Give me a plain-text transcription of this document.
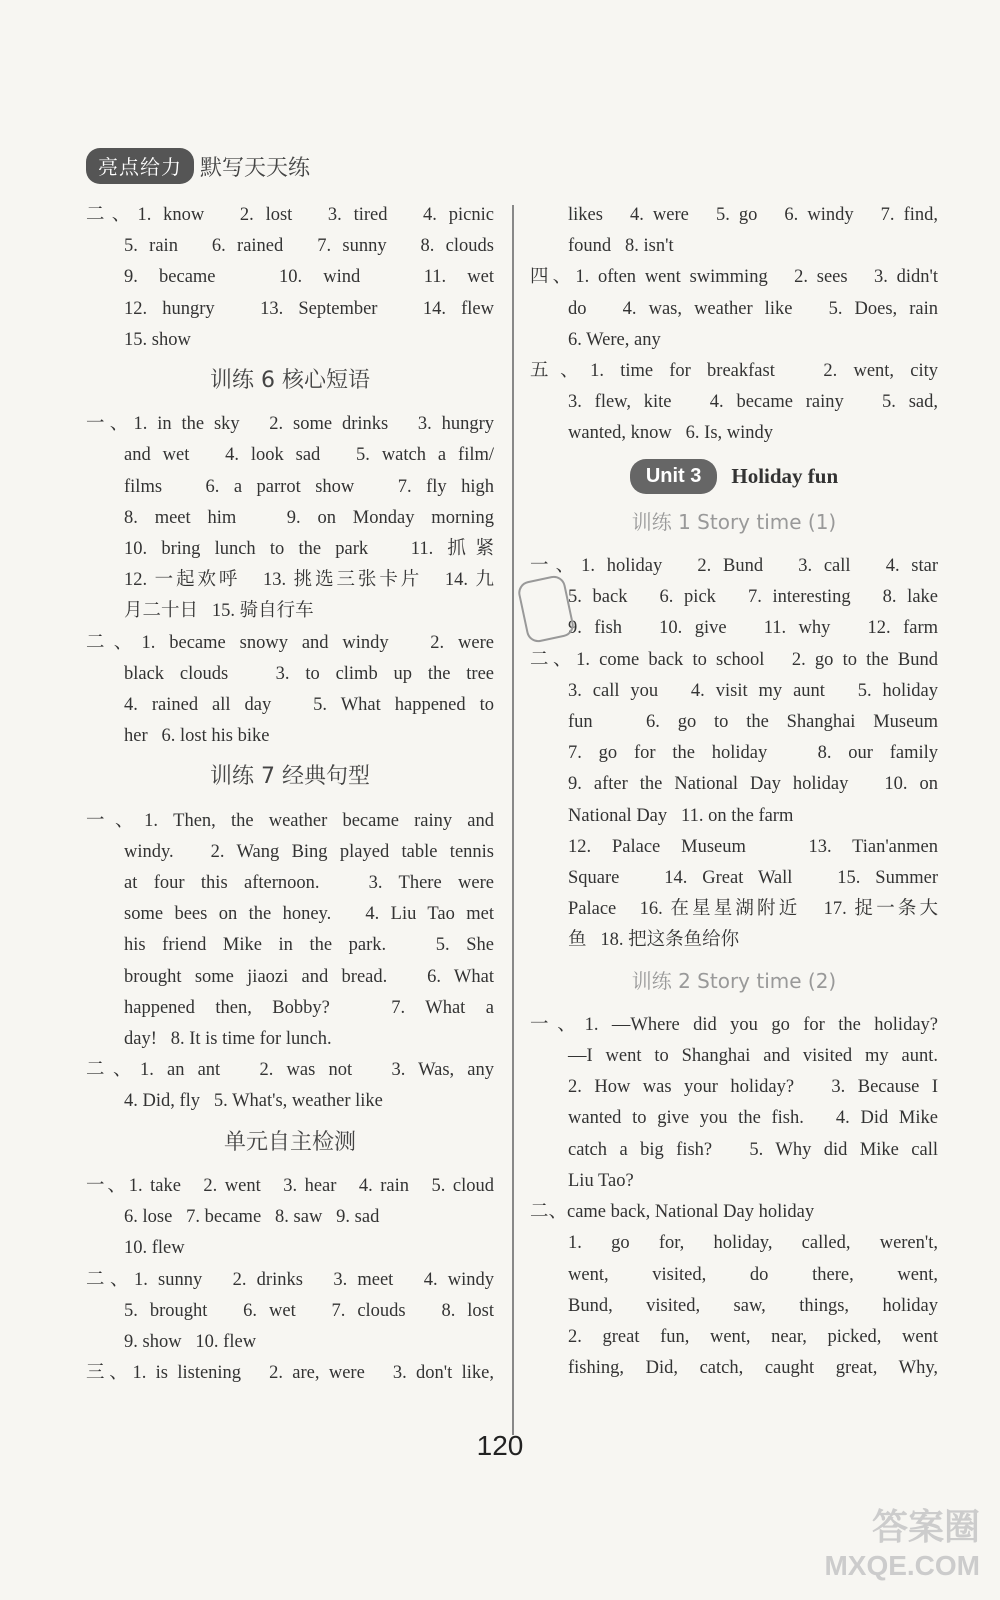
亮点给力 默写天天练
二、1. know   2. lost   3. tired   4. picnic
5. rain   6. rained   7. sunny   8. clouds
9. became   10. wind   11. wet
12. hungry   13. September   14. flew
15. show
训练 6 核心短语
一、1. in the sky   2. some drinks   3. hungry
and wet   4. look sad   5. watch a film/
films   6. a parrot show   7. fly high
8. meet him   9. on Monday morning
10. bring lunch to the park   11. 抓紧
12. 一起欢呼   13. 挑选三张卡片   14. 九
月二十日   15. 骑自行车
二、1. became snowy and windy   2. were
black clouds   3. to climb up the tree
4. rained all day   5. What happened to
her   6. lost his bike
训练 7 经典句型
一、1. Then, the weather became rainy and
windy.   2. Wang Bing played table tennis
at four this afternoon.   3. There were
some bees on the honey.   4. Liu Tao met
his friend Mike in the park.   5. She
brought some jiaozi and bread.   6. What
happened then, Bobby?   7. What a
day!   8. It is time for lunch.
二、1. an ant   2. was not   3. Was, any
4. Did, fly   5. What's, weather like
单元自主检测
一、1. take   2. went   3. hear   4. rain   5. cloud
6. lose   7. became   8. saw   9. sad
10. flew
二、1. sunny   2. drinks   3. meet   4. windy
5. brought   6. wet   7. clouds   8. lost
9. show   10. flew
三、1. is listening   2. are, were   3. don't like,
likes   4. were   5. go   6. windy   7. find,
found   8. isn't
四、1. often went swimming   2. sees   3. didn't
do   4. was, weather like   5. Does, rain
6. Were, any
五、1. time for breakfast   2. went, city
3. flew, kite   4. became rainy   5. sad,
wanted, know   6. Is, windy
Unit 3	Holiday fun
训练 1 Story time (1)
一、1. holiday   2. Bund   3. call   4. star
5. back   6. pick   7. interesting   8. lake
9. fish   10. give   11. why   12. farm
二、1. come back to school   2. go to the Bund
3. call you   4. visit my aunt   5. holiday
fun   6. go to the Shanghai Museum
7. go for the holiday   8. our family
9. after the National Day holiday   10. on
National Day   11. on the farm
12. Palace Museum   13. Tian'anmen
Square   14. Great Wall   15. Summer
Palace   16. 在星星湖附近   17. 捉一条大
鱼   18. 把这条鱼给你
训练 2 Story time (2)
一、1. —Where did you go for the holiday?
—I went to Shanghai and visited my aunt.
2. How was your holiday?   3. Because I
wanted to give you the fish.   4. Did Mike
catch a big fish?   5. Why did Mike call
Liu Tao?
二、came back, National Day holiday
1. go for, holiday, called, weren't,
went, visited, do there, went,
Bund, visited, saw, things, holiday
2. great fun, went, near, picked, went
fishing, Did, catch, caught great, Why,
120
答案圈
MXQE.COM
